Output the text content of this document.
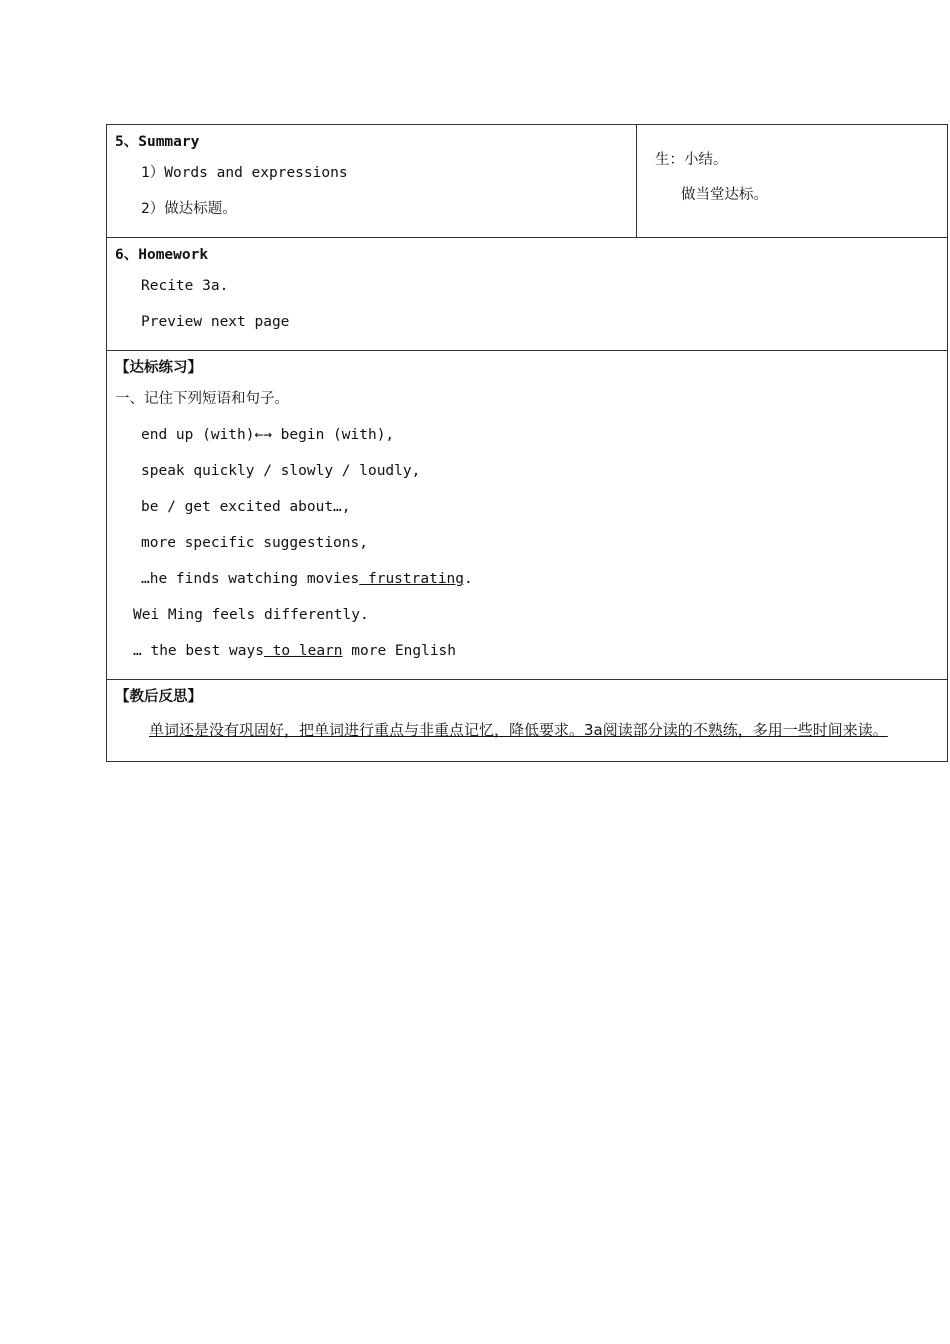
5、Summary
1）Words and expressions
2）做达标题。
生：小结。
做当堂达标。
6、Homework
Recite 3a.
Preview next page
【达标练习】
一、记住下列短语和句子。
end up (with)←→ begin (with),
speak quickly / slowly / loudly,
be / get excited about…,
more specific suggestions,
…he finds watching movies frustrating.
Wei Ming feels differently.
… the best ways to learn more English
【教后反思】
单词还是没有巩固好，把单词进行重点与非重点记忆，降低要求。3a阅读部分读的不熟练，多用一些时间来读。
